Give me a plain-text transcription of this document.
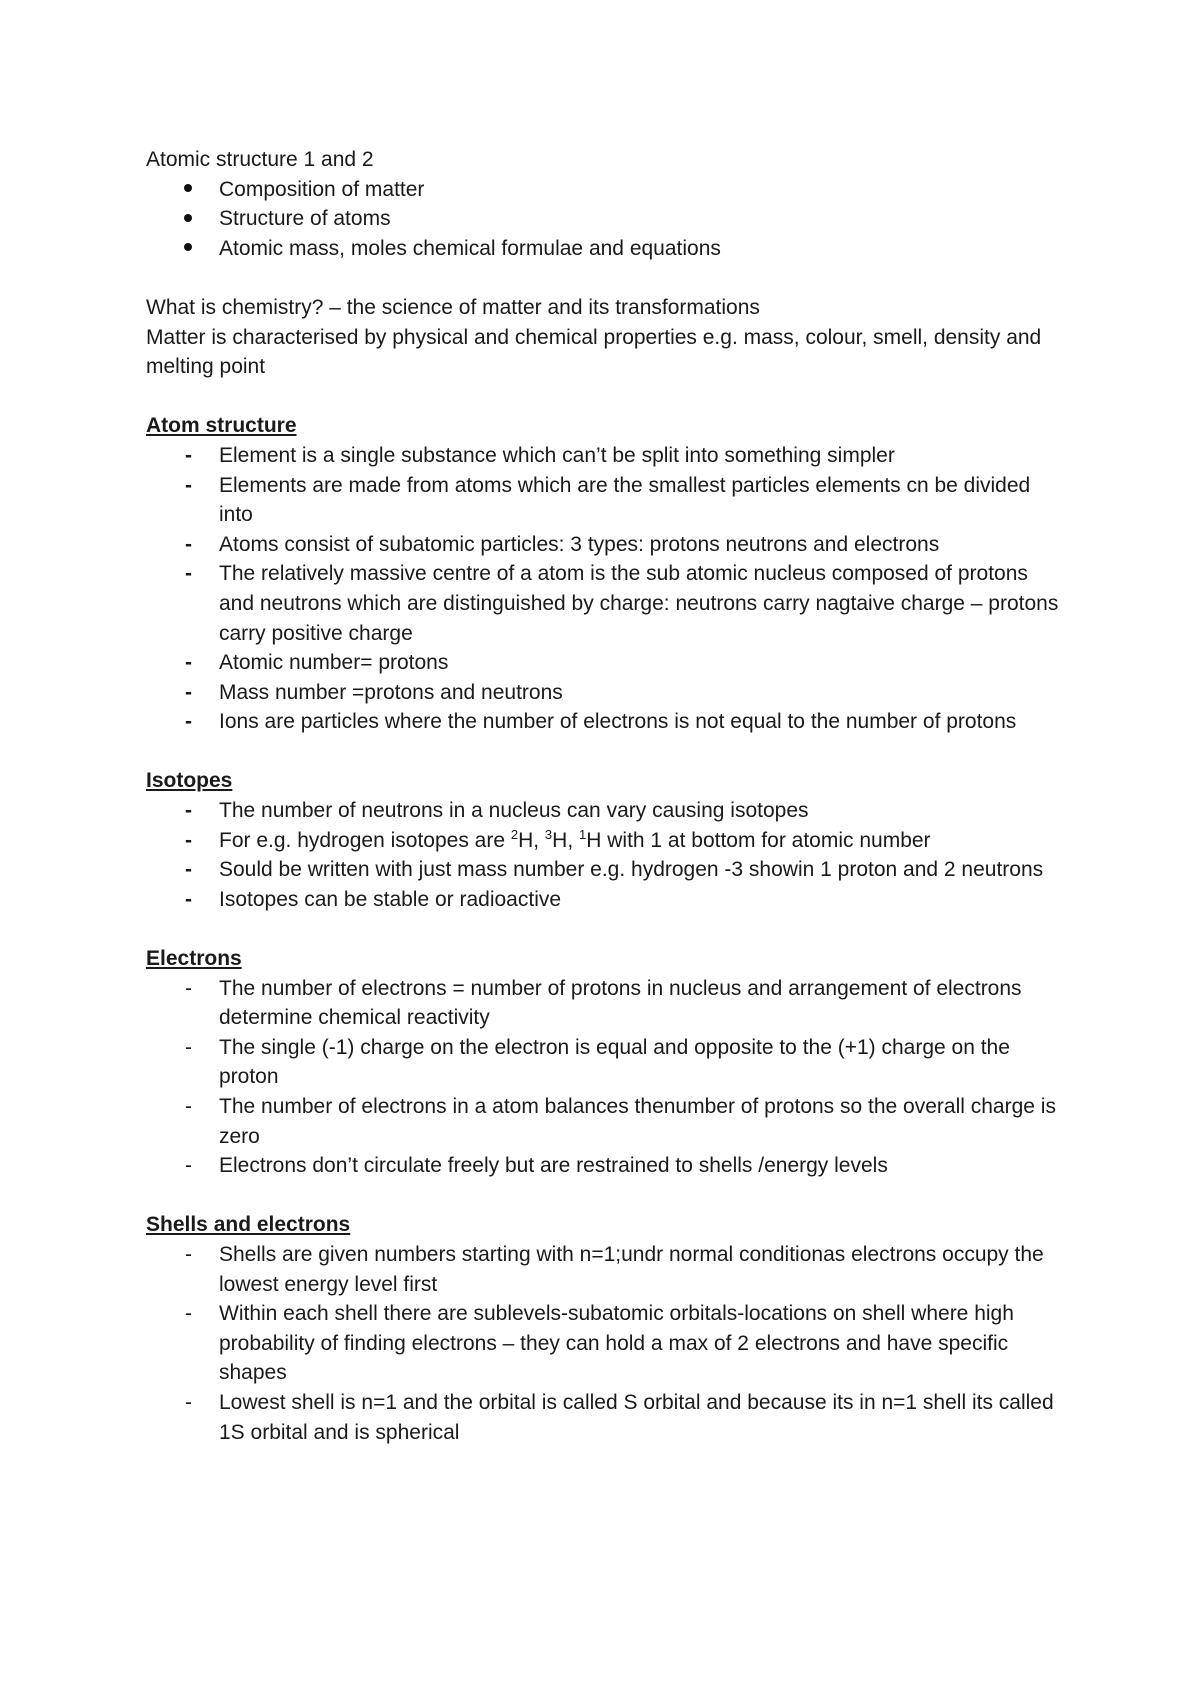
Atomic structure 1 and 2

Composition of matter
Structure of atoms
Atomic mass, moles chemical formulae and equations

What is chemistry? – the science of matter and its transformations

Matter is characterised by physical and chemical properties e.g. mass, colour, smell, density and melting point

Atom structure

- Element is a single substance which can’t be split into something simpler
- Elements are made from atoms which are the smallest particles elements cn be divided into
- Atoms consist of subatomic particles: 3 types: protons neutrons and electrons
- The relatively massive centre of a atom is the sub atomic nucleus composed of protons and neutrons which are distinguished by charge: neutrons carry nagtaive charge – protons carry positive charge
- Atomic number= protons
- Mass number =protons and neutrons
- Ions are particles where the number of electrons is not equal to the number of protons

Isotopes

- The number of neutrons in a nucleus can vary causing isotopes
- For e.g. hydrogen isotopes are $^2$H, $^3$H, $^1$H with 1 at bottom for atomic number
- Sould be written with just mass number e.g. hydrogen -3 showin 1 proton and 2 neutrons
- Isotopes can be stable or radioactive

Electrons

- The number of electrons = number of protons in nucleus and arrangement of electrons determine chemical reactivity
- The single (-1) charge on the electron is equal and opposite to the (+1) charge on the proton
- The number of electrons in a atom balances thenumber of protons so the overall charge is zero
- Electrons don’t circulate freely but are restrained to shells /energy levels

Shells and electrons

- Shells are given numbers starting with n=1;undr normal conditionas electrons occupy the lowest energy level first
- Within each shell there are sublevels-subatomic orbitals-locations on shell where high probability of finding electrons – they can hold a max of 2 electrons and have specific shapes
- Lowest shell is n=1 and the orbital is called S orbital and because its in n=1 shell its called 1S orbital and is spherical
